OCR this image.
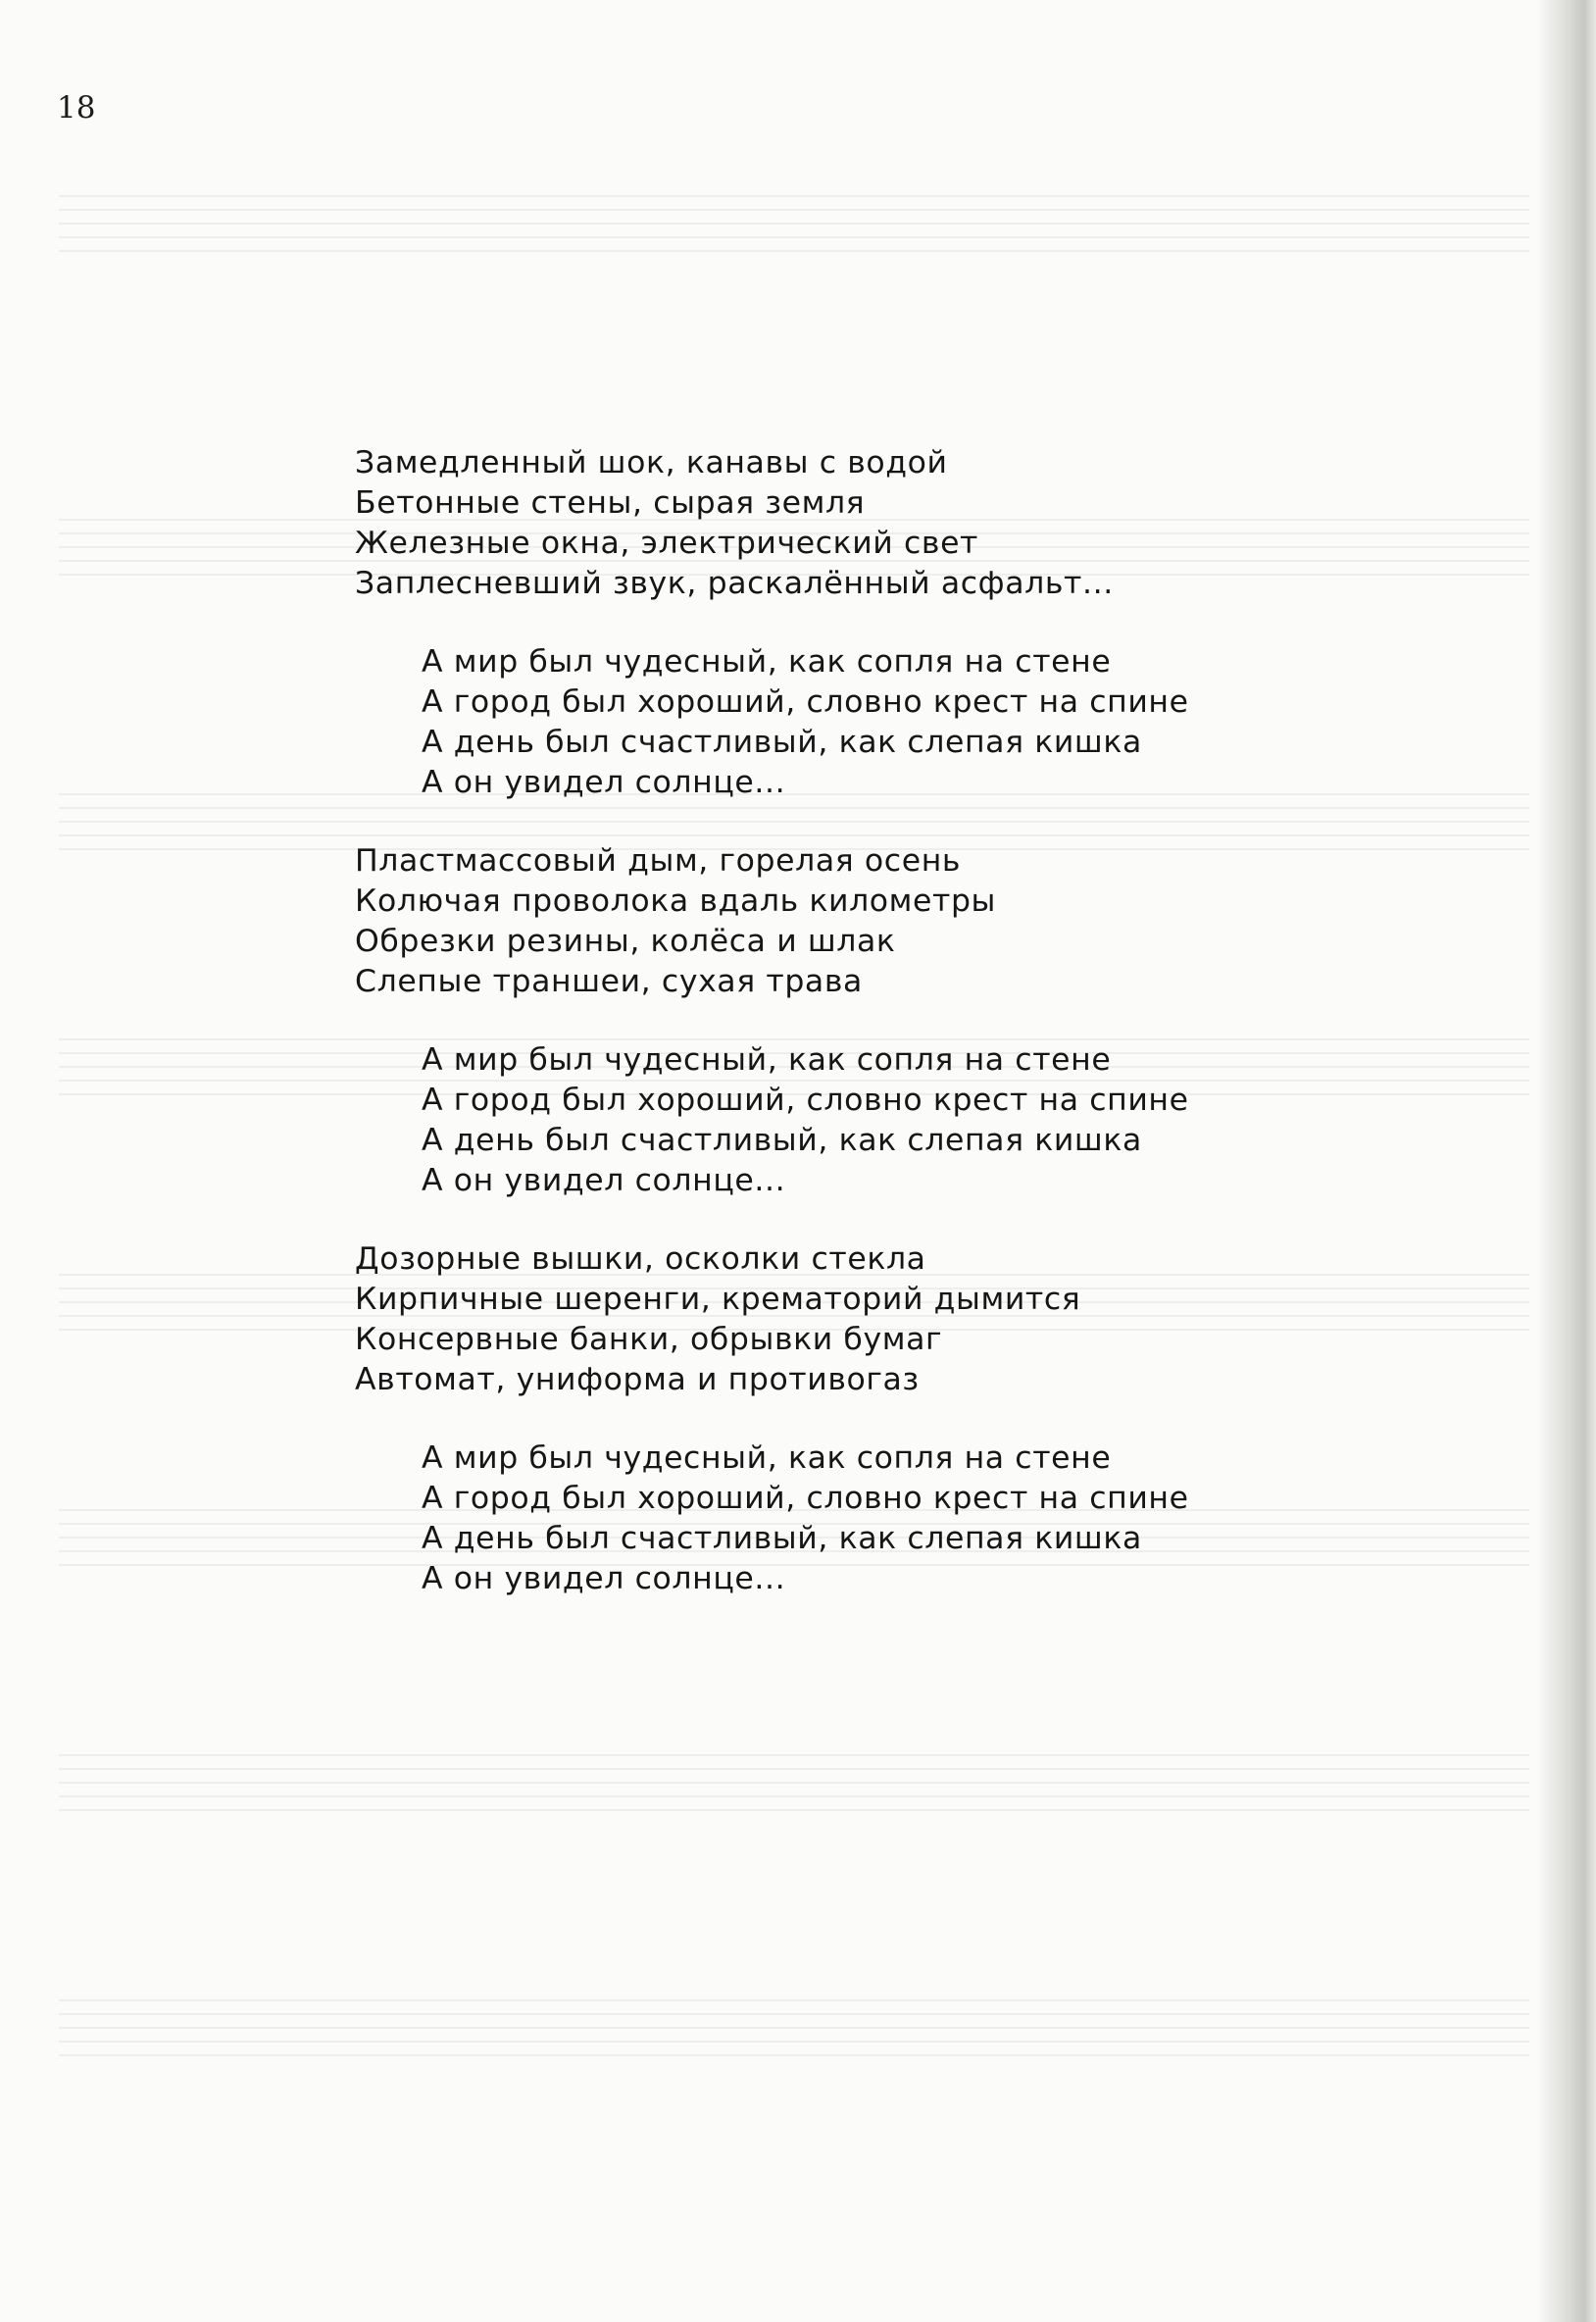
18
Замедленный шок, канавы с водой
Бетонные стены, сырая земля
Железные окна, электрический свет
Заплесневший звук, раскалённый асфальт...
А мир был чудесный, как сопля на стене
А город был хороший, словно крест на спине
А день был счастливый, как слепая кишка
А он увидел солнце...
Пластмассовый дым, горелая осень
Колючая проволока вдаль километры
Обрезки резины, колёса и шлак
Слепые траншеи, сухая трава
А мир был чудесный, как сопля на стене
А город был хороший, словно крест на спине
А день был счастливый, как слепая кишка
А он увидел солнце...
Дозорные вышки, осколки стекла
Кирпичные шеренги, крематорий дымится
Консервные банки, обрывки бумаг
Автомат, униформа и противогаз
А мир был чудесный, как сопля на стене
А город был хороший, словно крест на спине
А день был счастливый, как слепая кишка
А он увидел солнце...
